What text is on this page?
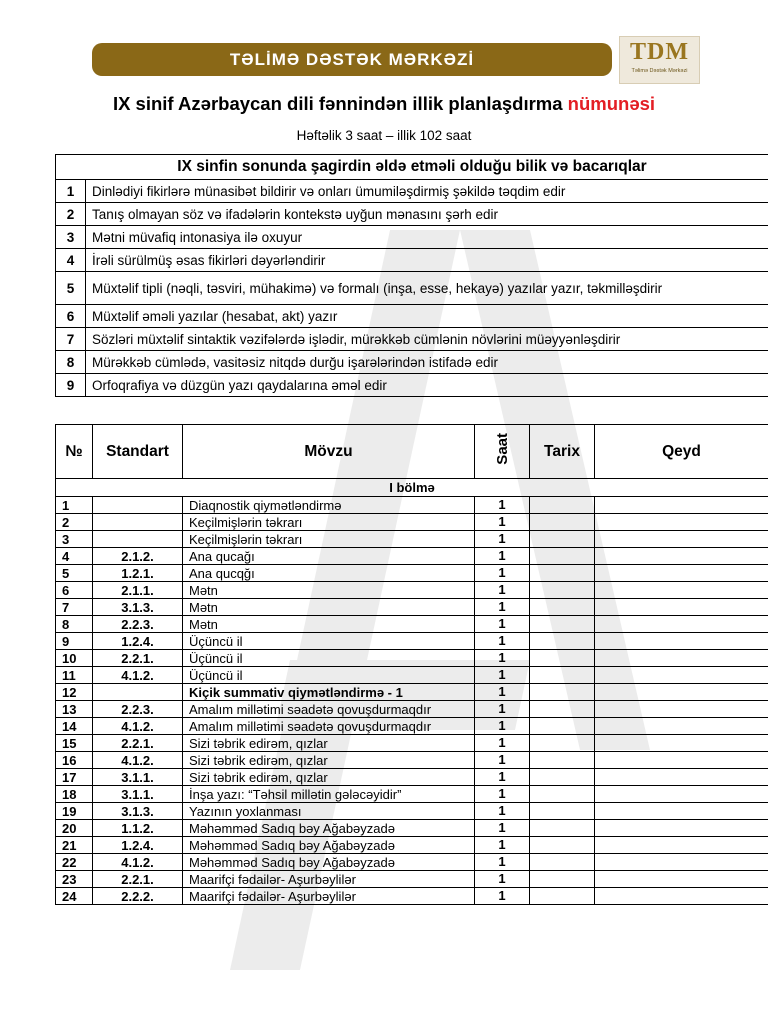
TƏLİMƏ DƏSTƏK MƏRKƏZİ	TDM
Təlimə Dəstək Mərkəzi
IX sinif Azərbaycan dili fənnindən illik planlaşdırma nümunəsi
Həftəlik 3 saat – illik 102 saat
IX sinfin sonunda şagirdin əldə etməli olduğu bilik və bacarıqlar	
1	Dinlədiyi fikirlərə münasibət bildirir və onları ümumiləşdirmiş şəkildə təqdim edir
2	Tanış olmayan söz və ifadələrin kontekstə uyğun mənasını şərh edir
3	Mətni müvafiq intonasiya ilə oxuyur
4	İrəli sürülmüş əsas fikirləri dəyərləndirir
5	Müxtəlif tipli (nəqli, təsviri, mühakimə) və formalı (inşa, esse, hekayə) yazılar yazır, təkmilləşdirir
6	Müxtəlif əməli yazılar (hesabat, akt) yazır
7	Sözləri müxtəlif sintaktik vəzifələrdə işlədir, mürəkkəb cümlənin növlərini müəyyənləşdirir
8	Mürəkkəb cümlədə, vasitəsiz nitqdə durğu işarələrindən istifadə edir
9	Orfoqrafiya və düzgün yazı qaydalarına əməl edir
№	Standart	Mövzu	Saat	Tarix	Qeyd
I bölmə					
1		Diaqnostik qiymətləndirmə	1		
2		Keçilmişlərin təkrarı	1		
3		Keçilmişlərin təkrarı	1		
4	2.1.2.	Ana qucağı	1		
5	1.2.1.	Ana qucqğı	1		
6	2.1.1.	Mətn	1		
7	3.1.3.	Mətn	1		
8	2.2.3.	Mətn	1		
9	1.2.4.	Üçüncü il	1		
10	2.2.1.	Üçüncü il	1		
11	4.1.2.	Üçüncü il	1		
12		Kiçik summativ qiymətləndirmə - 1	1		
13	2.2.3.	Amalım millətimi səadətə qovuşdurmaqdır	1		
14	4.1.2.	Amalım millətimi səadətə qovuşdurmaqdır	1		
15	2.2.1.	Sizi təbrik edirəm, qızlar	1		
16	4.1.2.	Sizi təbrik edirəm, qızlar	1		
17	3.1.1.	Sizi təbrik edirəm, qızlar	1		
18	3.1.1.	İnşa yazı: “Təhsil millətin gələcəyidir”	1		
19	3.1.3.	Yazının yoxlanması	1		
20	1.1.2.	Məhəmməd Sadıq bəy Ağabəyzadə	1		
21	1.2.4.	Məhəmməd Sadıq bəy Ağabəyzadə	1		
22	4.1.2.	Məhəmməd Sadıq bəy Ağabəyzadə	1		
23	2.2.1.	Maarifçi fədailər- Aşurbəylilər	1		
24	2.2.2.	Maarifçi fədailər- Aşurbəylilər	1		
